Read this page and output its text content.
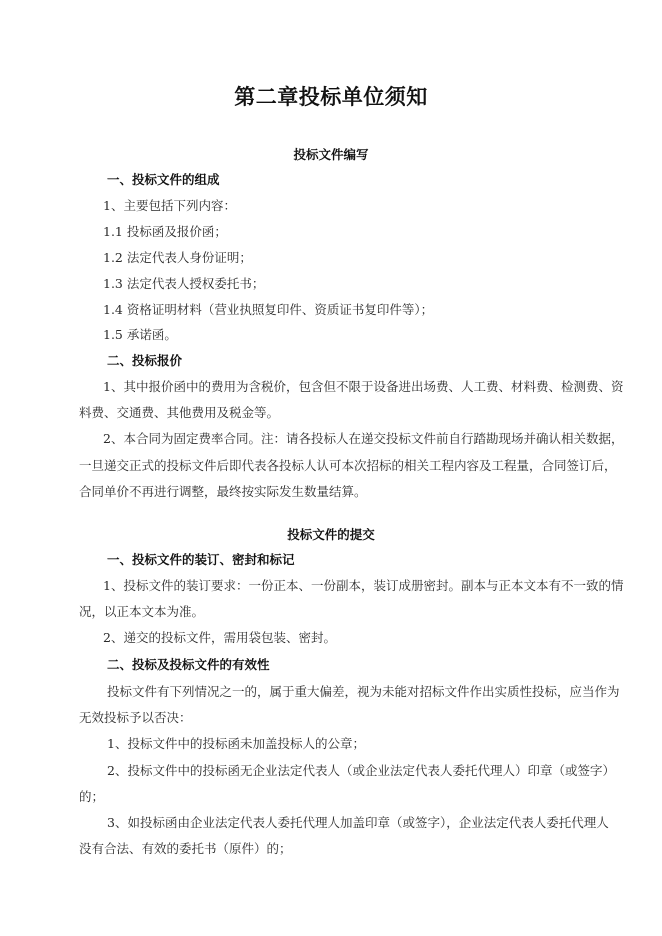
第二章投标单位须知
投标文件编写
一、投标文件的组成
1、主要包括下列内容：
1.1 投标函及报价函；
1.2 法定代表人身份证明；
1.3 法定代表人授权委托书；
1.4 资格证明材料（营业执照复印件、资质证书复印件等）；
1.5 承诺函。
二、投标报价
1、其中报价函中的费用为含税价，包含但不限于设备进出场费、人工费、材料费、检测费、资
料费、交通费、其他费用及税金等。
2、本合同为固定费率合同。注：请各投标人在递交投标文件前自行踏勘现场并确认相关数据，
一旦递交正式的投标文件后即代表各投标人认可本次招标的相关工程内容及工程量，合同签订后，
合同单价不再进行调整，最终按实际发生数量结算。
投标文件的提交
一、投标文件的装订、密封和标记
1、投标文件的装订要求：一份正本、一份副本，装订成册密封。副本与正本文本有不一致的情
况，以正本文本为准。
2、递交的投标文件，需用袋包装、密封。
二、投标及投标文件的有效性
投标文件有下列情况之一的，属于重大偏差，视为未能对招标文件作出实质性投标，应当作为
无效投标予以否决：
1、投标文件中的投标函未加盖投标人的公章；
2、投标文件中的投标函无企业法定代表人（或企业法定代表人委托代理人）印章（或签字）
的；
3、如投标函由企业法定代表人委托代理人加盖印章（或签字），企业法定代表人委托代理人
没有合法、有效的委托书（原件）的；
